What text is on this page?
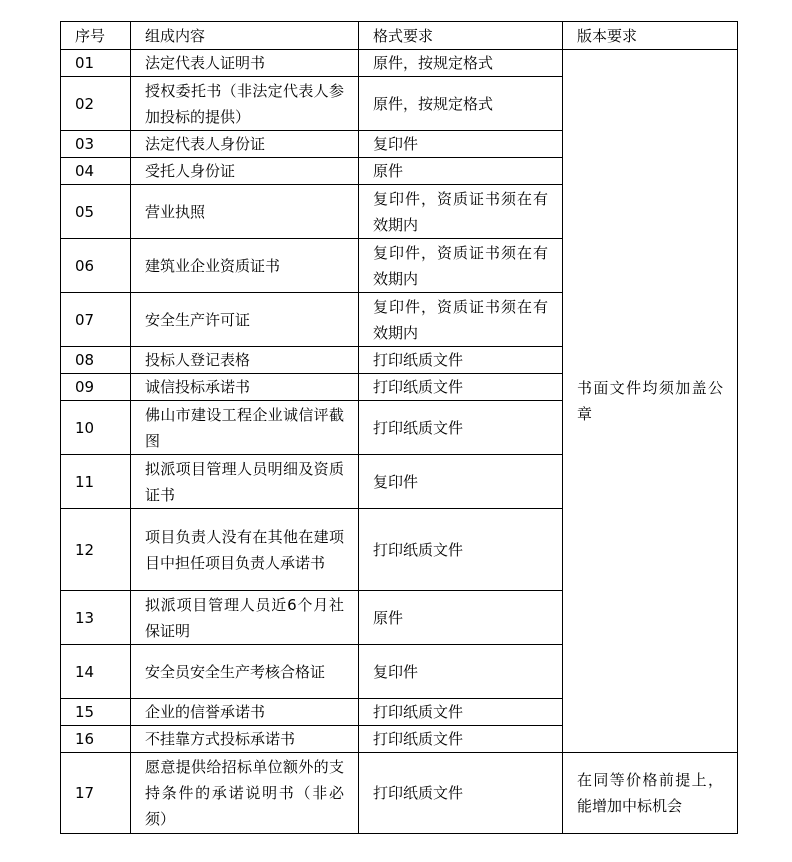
序号	组成内容	格式要求	版本要求
01	法定代表人证明书	原件，按规定格式	书面文件均须加盖公章
02	授权委托书（非法定代表人参加投标的提供）	原件，按规定格式	
03	法定代表人身份证	复印件	
04	受托人身份证	原件	
05	营业执照	复印件，资质证书须在有效期内	
06	建筑业企业资质证书	复印件，资质证书须在有效期内	
07	安全生产许可证	复印件，资质证书须在有效期内	
08	投标人登记表格	打印纸质文件	
09	诚信投标承诺书	打印纸质文件	
10	佛山市建设工程企业诚信评截图	打印纸质文件	
11	拟派项目管理人员明细及资质证书	复印件	
12	项目负责人没有在其他在建项目中担任项目负责人承诺书	打印纸质文件	
13	拟派项目管理人员近6个月社保证明	原件	
14	安全员安全生产考核合格证	复印件	
15	企业的信誉承诺书	打印纸质文件	
16	不挂靠方式投标承诺书	打印纸质文件	
17	愿意提供给招标单位额外的支持条件的承诺说明书（非必须）	打印纸质文件	在同等价格前提上，能增加中标机会
